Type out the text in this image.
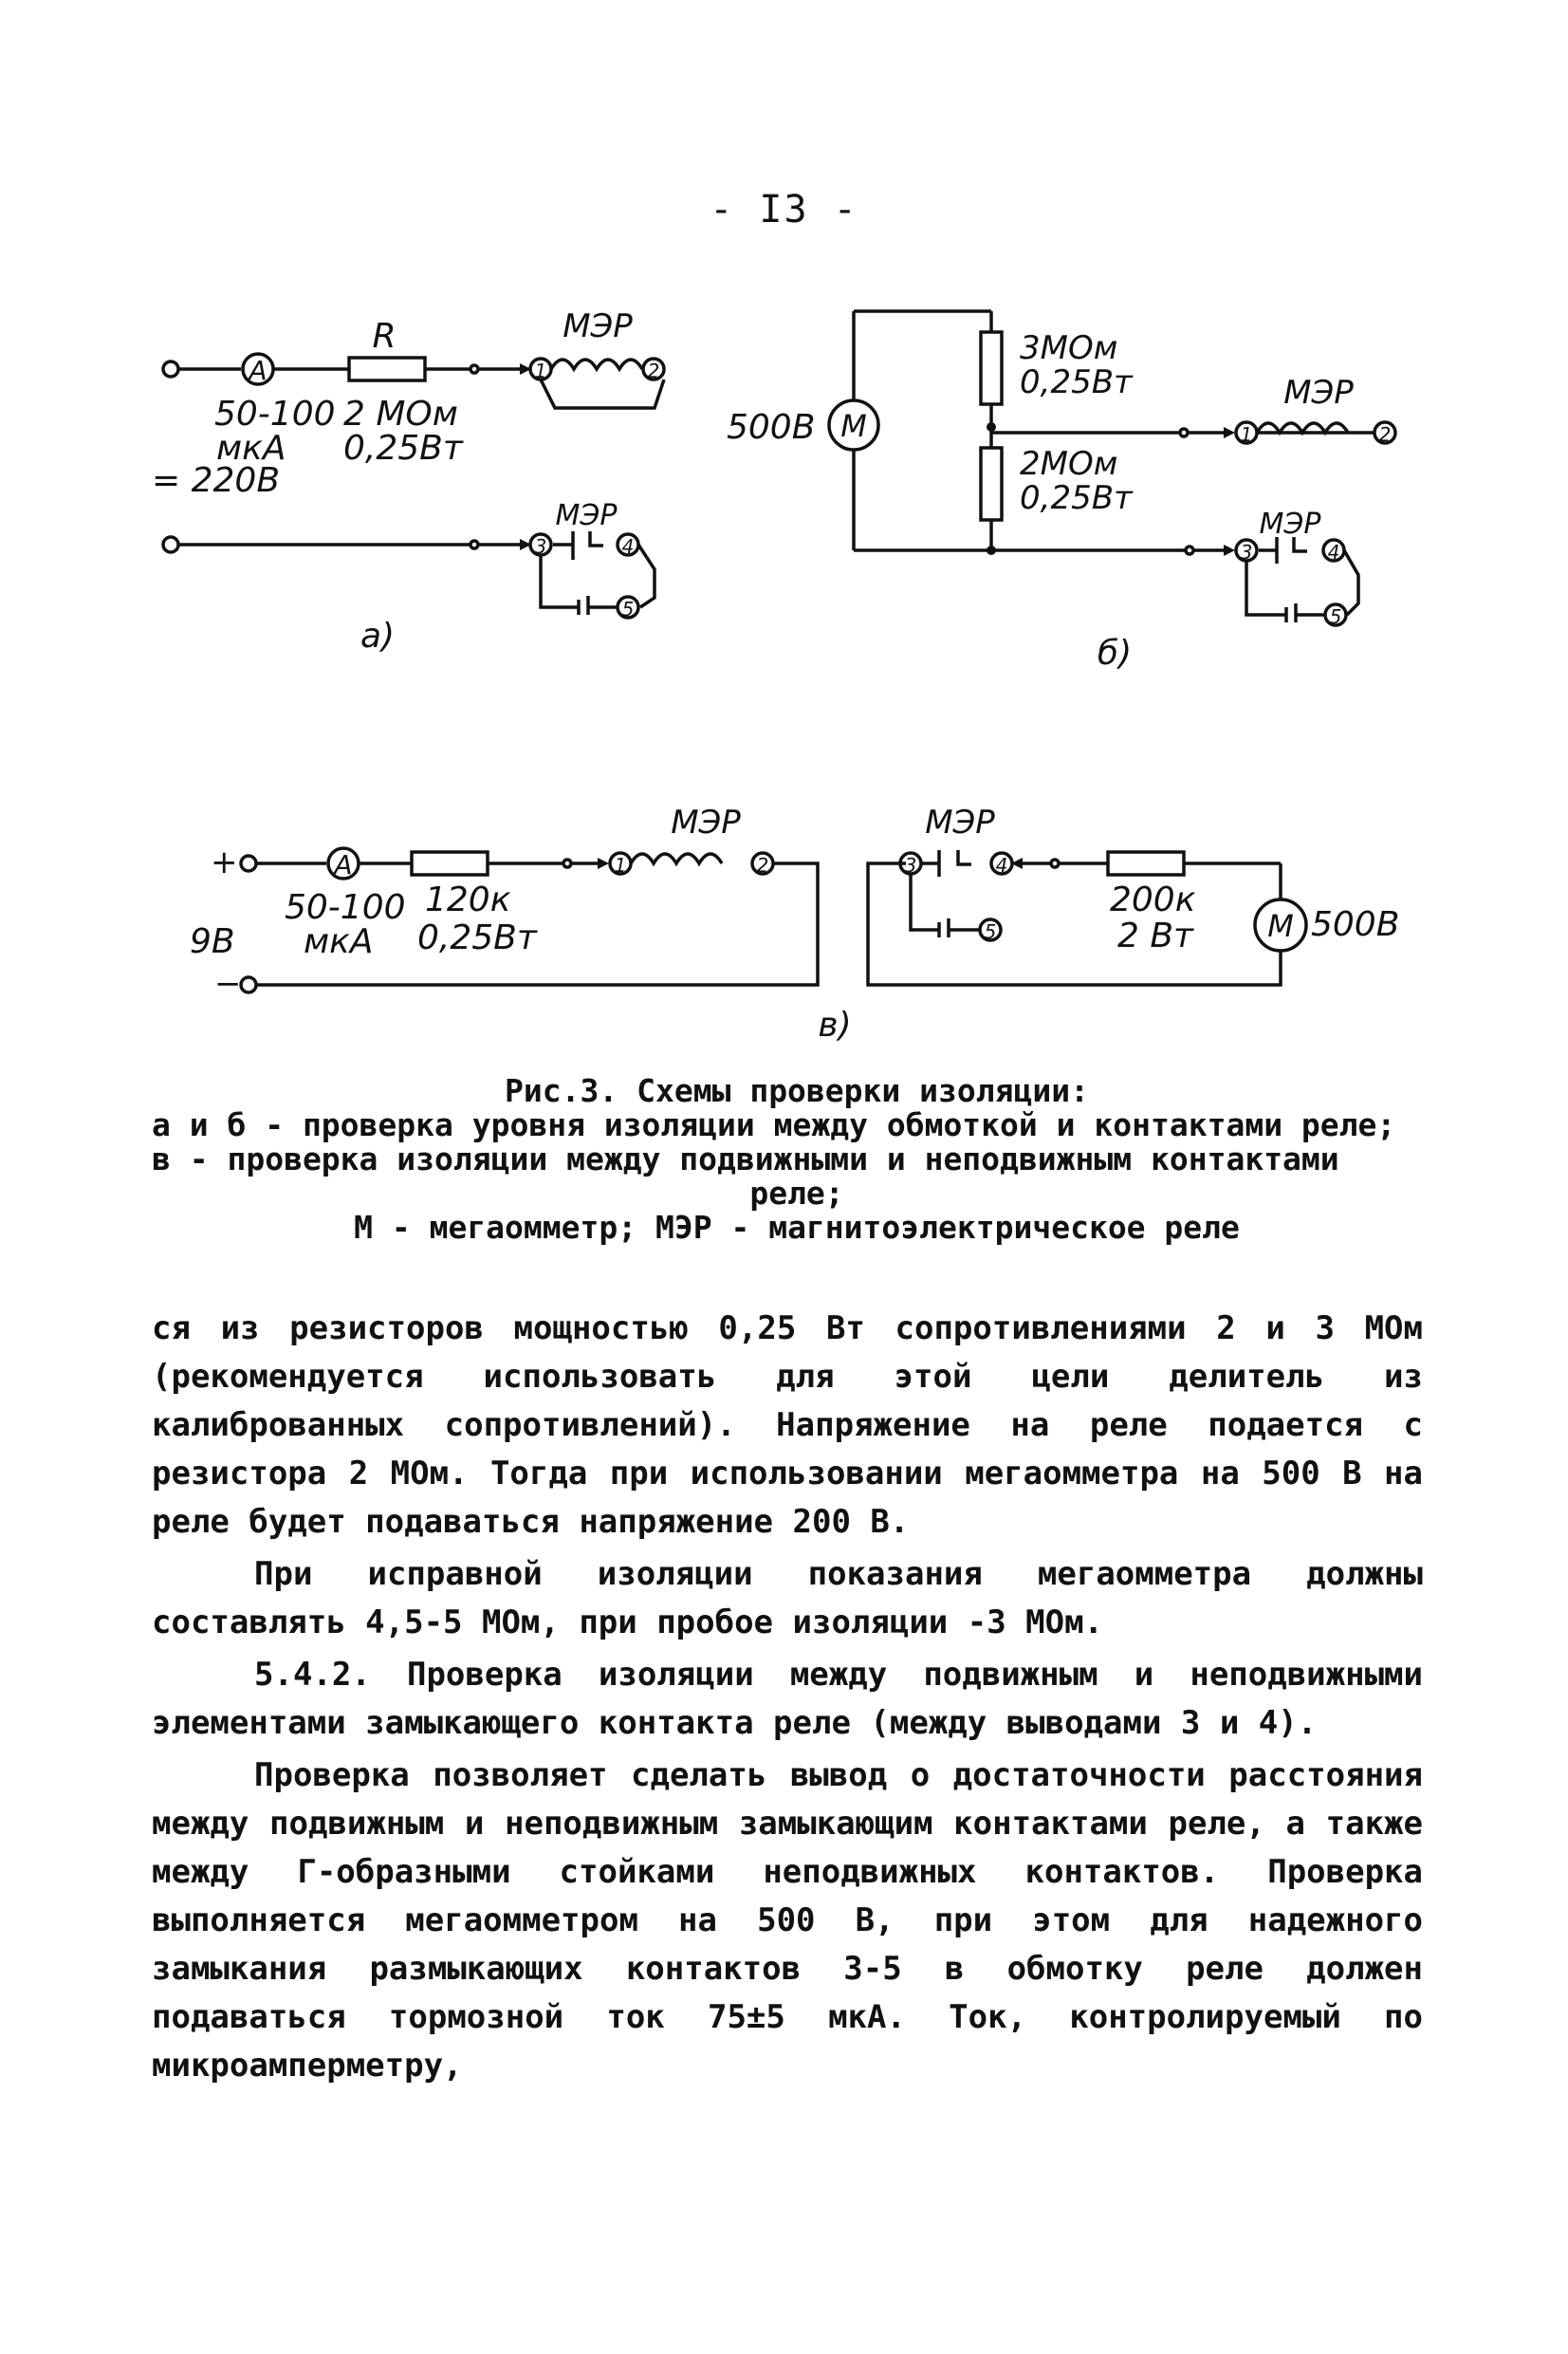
- I3 -
A
R
1	2
МЭР
50-100
мкА
= 220В
2 МОм
0,25Вт
3
МЭР
4
5
а)
М
500В
3МОм
0,25Вт
2МОм
0,25Вт
1	2
МЭР
3
МЭР
4
5
б)
+	A	1	2
МЭР
−
9В
50-100
мкА
120к
0,25Вт
в)
3
МЭР
4
5	М 500В
200к
2 Вт
Рис.3. Схемы проверки изоляции:
а и б - проверка уровня изоляции между обмоткой и контактами реле;
в - проверка изоляции между подвижными и неподвижным контактами
реле;
М - мегаомметр; МЭР - магнитоэлектрическое реле

ся из резисторов мощностью 0,25 Вт сопротивлениями 2 и 3 МОм (рекомендуется использовать для этой цели делитель из калиброванных сопротивлений). Напряжение на реле подается с резистора 2 МОм. Тогда при использовании мегаомметра на 500 В на реле будет подаваться напряжение 200 В.

При исправной изоляции показания мегаомметра должны составлять 4,5-5 МОм, при пробое изоляции -3 МОм.

5.4.2. Проверка изоляции между подвижным и неподвижными элементами замыкающего контакта реле (между выводами 3 и 4).

Проверка позволяет сделать вывод о достаточности расстояния между подвижным и неподвижным замыкающим контактами реле, а также между Г-образными стойками неподвижных контактов. Проверка выполняется мегаомметром на 500 В, при этом для надежного замыкания размыкающих контактов 3-5 в обмотку реле должен подаваться тормозной ток 75±5 мкА. Ток, контролируемый по микроамперметру,
